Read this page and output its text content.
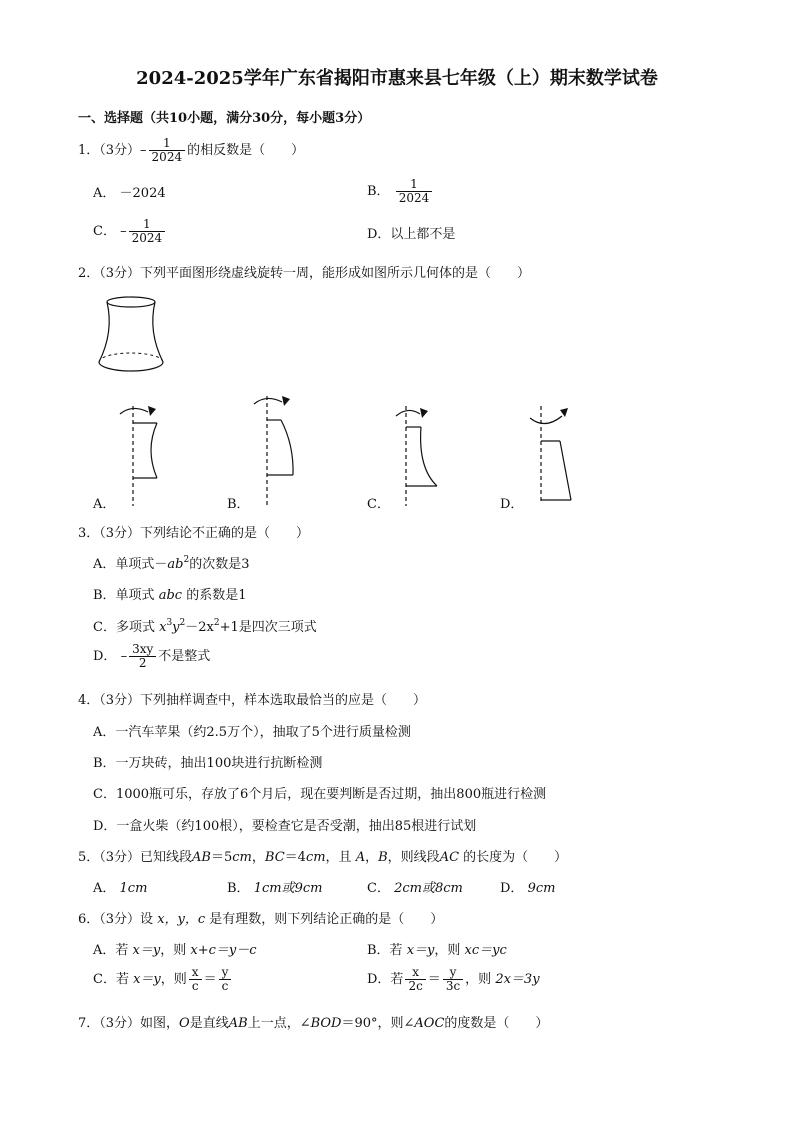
2024-2025学年广东省揭阳市惠来县七年级（上）期末数学试卷
一、选择题（共10小题，满分30分，每小题3分）
1．（3分） – $\frac{1}{2024}$ 的相反数是（　　）
A． －2024	B． $\frac{1}{2024}$
C． – $\frac{1}{2024}$	D．以上都不是
2．（3分）下列平面图形绕虚线旋转一周，能形成如图所示几何体的是（　　）
A．	B．	C．	D．
3．（3分）下列结论不正确的是（　　）
A．单项式$-ab^2$的次数是3
B．单项式 abc 的系数是1
C．多项式 $x^3y^2-2x^2+1$是四次三项式
D． – $\frac{3xy}{2}$ 不是整式
4．（3分）下列抽样调查中，样本选取最恰当的应是（　　）
A．一汽车苹果（约2.5万个），抽取了5个进行质量检测
B．一万块砖，抽出100块进行抗断检测
C．1000瓶可乐，存放了6个月后，现在要判断是否过期，抽出800瓶进行检测
D．一盒火柴（约100根），要检查它是否受潮，抽出85根进行试划
5．（3分）已知线段AB＝5cm，BC＝4cm，且 A，B，则线段AC 的长度为（　　）
A． 1cm	B． 1cm或9cm	C． 2cm或8cm	D． 9cm
6．（3分）设 x，y，c 是有理数，则下列结论正确的是（　　）
A．若 x＝y，则 x+c＝y－c	B．若 x＝y，则 xc＝yc
C．若 x＝y，则 $\frac{x}{c} = \frac{y}{c}$	D．若 $\frac{x}{2c} = \frac{y}{3c}$ ，则 2x＝3y
7．（3分）如图，O是直线AB上一点，∠BOD＝90°，则∠AOC的度数是（　　）
